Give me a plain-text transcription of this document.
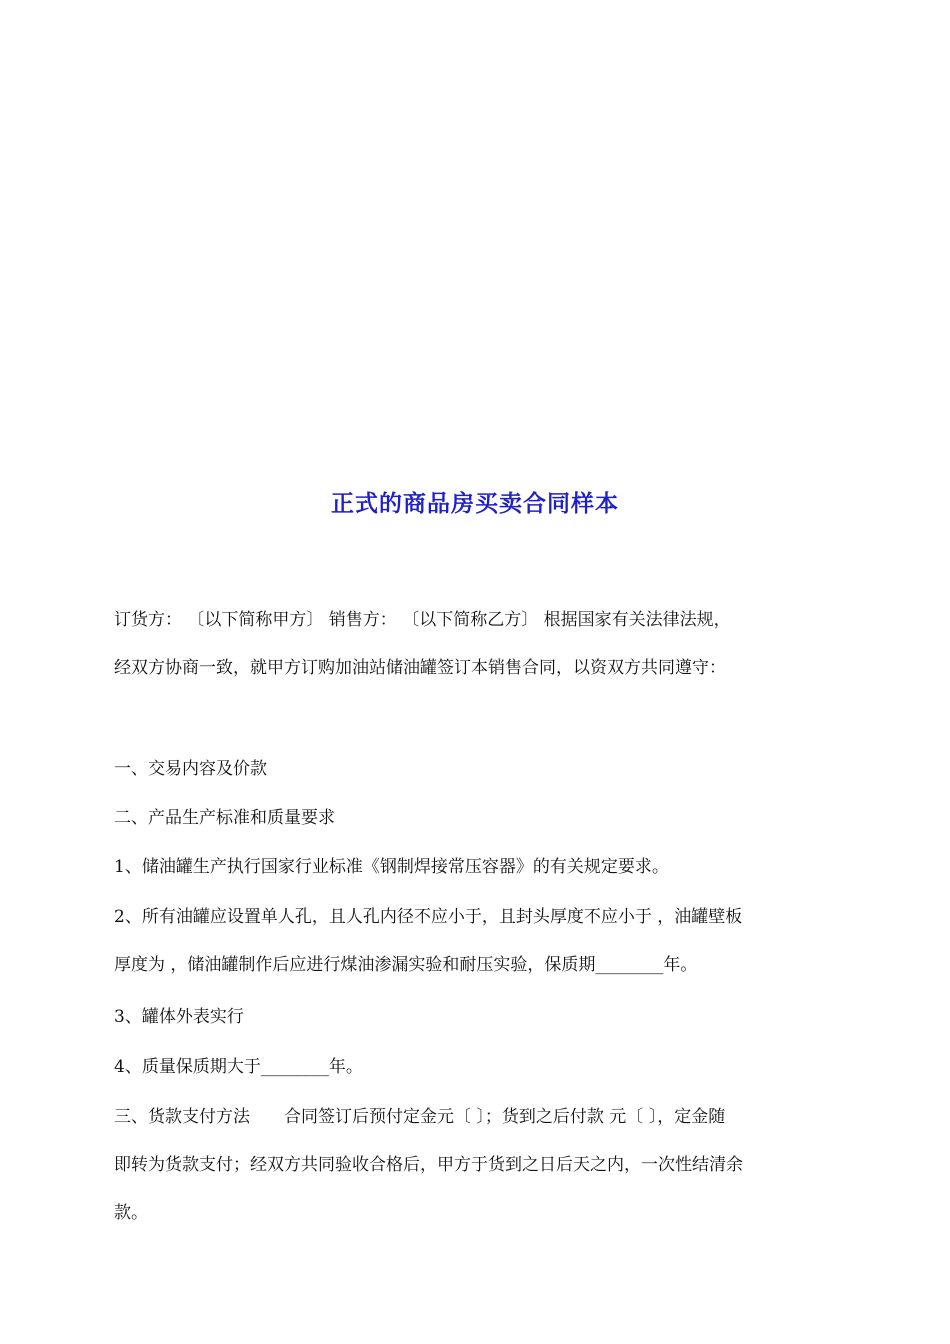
正式的商品房买卖合同样本
订货方： 〔以下简称甲方〕 销售方： 〔以下简称乙方〕 根据国家有关法律法规，
经双方协商一致，就甲方订购加油站储油罐签订本销售合同，以资双方共同遵守：
一、交易内容及价款
二、产品生产标准和质量要求
1、储油罐生产执行国家行业标准《钢制焊接常压容器》的有关规定要求。
2、所有油罐应设置单人孔，且人孔内径不应小于，且封头厚度不应小于 ，油罐壁板
厚度为 ，储油罐制作后应进行煤油渗漏实验和耐压实验，保质期________年。
3、罐体外表实行
4、质量保质期大于________年。
三、货款支付方法　　合同签订后预付定金元〔 〕；货到之后付款 元〔 〕，定金随
即转为货款支付；经双方共同验收合格后，甲方于货到之日后天之内，一次性结清余
款。
